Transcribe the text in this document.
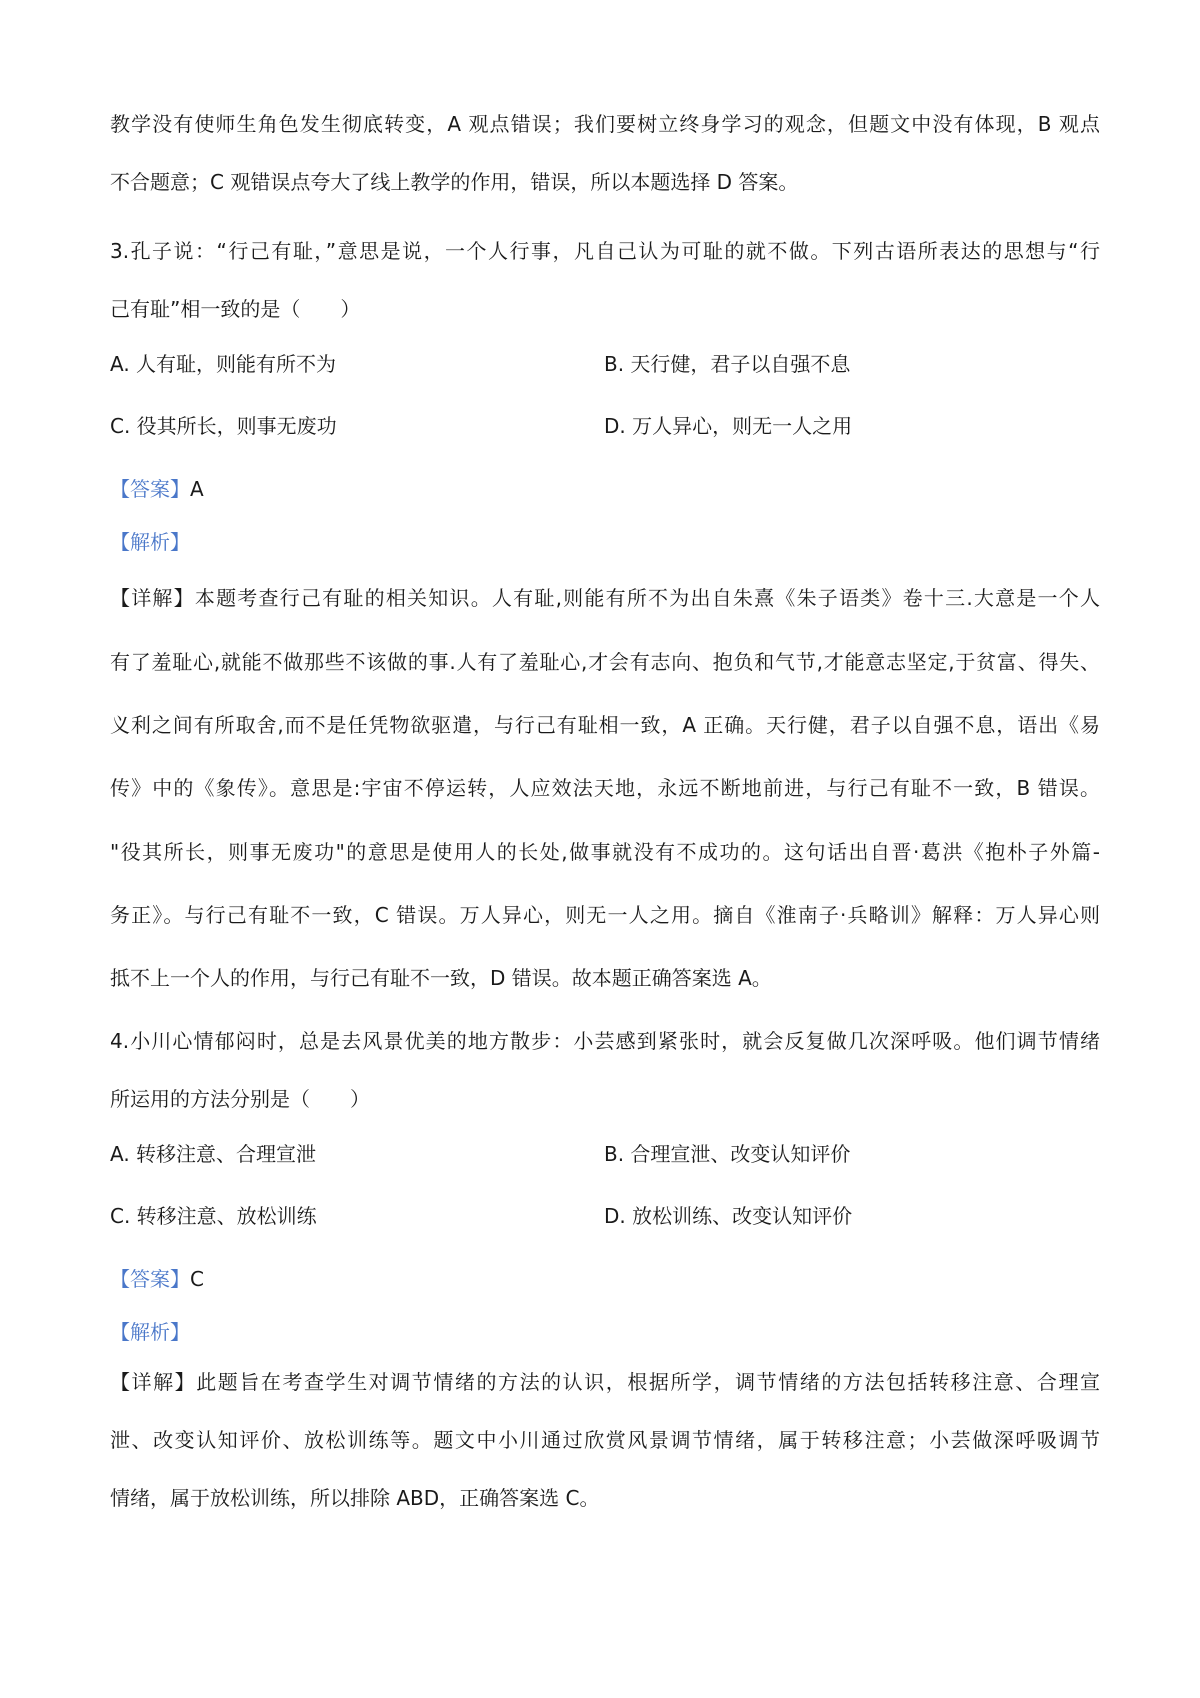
教学没有使师生角色发生彻底转变，A 观点错误；我们要树立终身学习的观念，但题文中没有体现，B 观点
不合题意；C 观错误点夸大了线上教学的作用，错误，所以本题选择 D 答案。
3.孔子说：“行己有耻，”意思是说，一个人行事，凡自己认为可耻的就不做。下列古语所表达的思想与“行
己有耻”相一致的是（　　）
A. 人有耻，则能有所不为	B. 天行健，君子以自强不息
C. 役其所长，则事无废功	D. 万人异心，则无一人之用
【答案】A
【解析】
【详解】本题考查行己有耻的相关知识。人有耻,则能有所不为出自朱熹《朱子语类》卷十三.大意是一个人
有了羞耻心,就能不做那些不该做的事.人有了羞耻心,才会有志向、抱负和气节,才能意志坚定,于贫富、得失、
义利之间有所取舍,而不是任凭物欲驱遣，与行己有耻相一致，A 正确。天行健，君子以自强不息，语出《易
传》中的《象传》。意思是:宇宙不停运转，人应效法天地，永远不断地前进，与行己有耻不一致，B 错误。
"役其所长，则事无废功"的意思是使用人的长处,做事就没有不成功的。这句话出自晋·葛洪《抱朴子外篇-
务正》。与行己有耻不一致，C 错误。万人异心，则无一人之用。摘自《淮南子·兵略训》解释：万人异心则
抵不上一个人的作用，与行己有耻不一致，D 错误。故本题正确答案选 A。
4.小川心情郁闷时，总是去风景优美的地方散步：小芸感到紧张时，就会反复做几次深呼吸。他们调节情绪
所运用的方法分别是（　　）
A. 转移注意、合理宣泄	B. 合理宣泄、改变认知评价
C. 转移注意、放松训练	D. 放松训练、改变认知评价
【答案】C
【解析】
【详解】此题旨在考查学生对调节情绪的方法的认识，根据所学，调节情绪的方法包括转移注意、合理宣
泄、改变认知评价、放松训练等。题文中小川通过欣赏风景调节情绪，属于转移注意；小芸做深呼吸调节
情绪，属于放松训练，所以排除 ABD，正确答案选 C。
